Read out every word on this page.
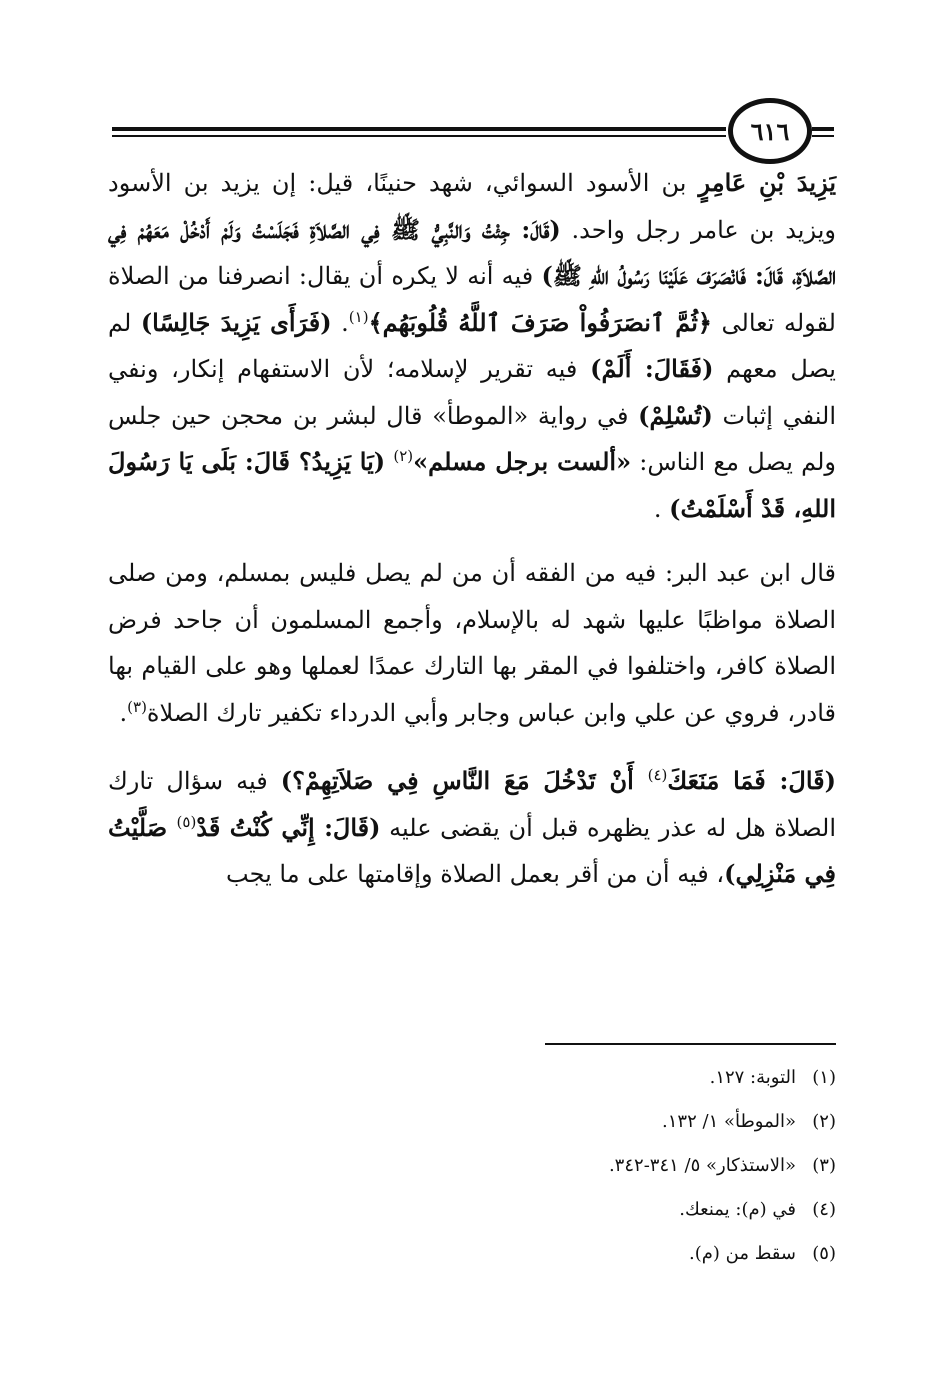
٦١٦

يَزِيدَ بْنِ عَامِرٍ بن الأسود السوائي، شهد حنينًا، قيل: إن يزيد بن الأسود ويزيد بن عامر رجل واحد. (قَالَ: جِئْتُ وَالنَّبِيُّ ﷺ فِي الصَّلاَةِ فَجَلَسْتُ وَلَمْ أَدْخُلْ مَعَهُمْ فِي الصَّلاَةِ، قَالَ: فَانْصَرَفَ عَلَيْنَا رَسُولُ اللهِ ﷺ) فيه أنه لا يكره أن يقال: انصرفنا من الصلاة لقوله تعالى ﴿ثُمَّ ٱنصَرَفُواْ صَرَفَ ٱللَّهُ قُلُوبَهُم﴾$^{(١)}$. (فَرَأَى يَزِيدَ جَالِسًا) لم يصل معهم (فَقَالَ: أَلَمْ) فيه تقرير لإسلامه؛ لأن الاستفهام إنكار، ونفي النفي إثبات (تُسْلِمْ) في رواية «الموطأ» قال لبشر بن محجن حين جلس ولم يصل مع الناس: «ألست برجل مسلم»$^{(٢)}$ (يَا يَزِيدُ؟ قَالَ: بَلَى يَا رَسُولَ اللهِ، قَدْ أَسْلَمْتُ) .

قال ابن عبد البر: فيه من الفقه أن من لم يصل فليس بمسلم، ومن صلى الصلاة مواظبًا عليها شهد له بالإسلام، وأجمع المسلمون أن جاحد فرض الصلاة كافر، واختلفوا في المقر بها التارك عمدًا لعملها وهو على القيام بها قادر، فروي عن علي وابن عباس وجابر وأبي الدرداء تكفير تارك الصلاة$^{(٣)}$.

(قَالَ: فَمَا مَنَعَكَ$^{(٤)}$ أَنْ تَدْخُلَ مَعَ النَّاسِ فِي صَلاَتِهِمْ؟) فيه سؤال تارك الصلاة هل له عذر يظهره قبل أن يقضى عليه (قَالَ: إِنِّي كُنْتُ قَدْ$^{(٥)}$ صَلَّيْتُ فِي مَنْزِلِي)، فيه أن من أقر بعمل الصلاة وإقامتها على ما يجب

(١)
التوبة: ١٢٧.
(٢)
«الموطأ» ١/ ١٣٢.
(٣)
«الاستذكار» ٥/ ٣٤١-٣٤٢.
(٤)
في (م): يمنعك.
(٥)
سقط من (م).
